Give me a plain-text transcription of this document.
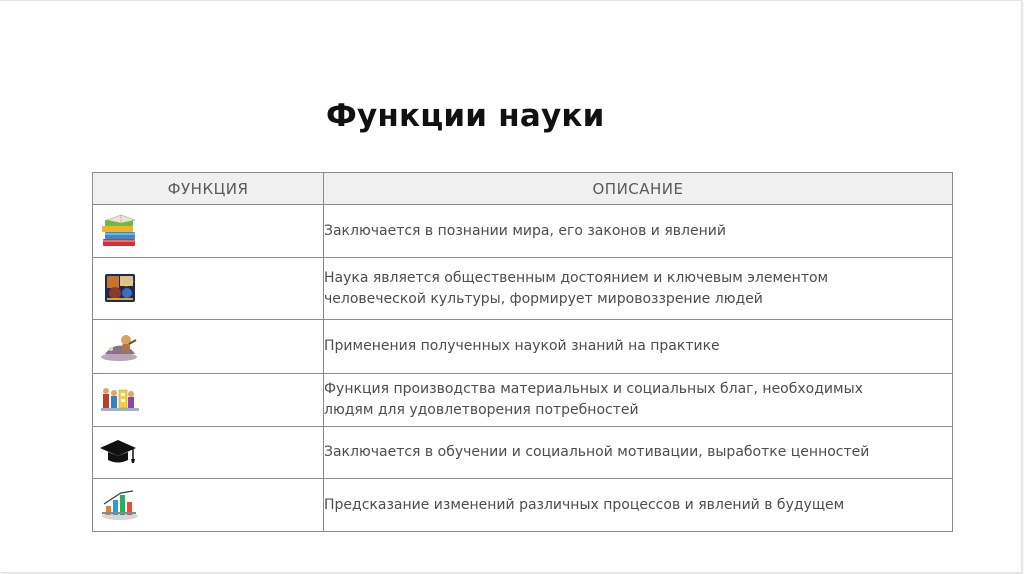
Функции науки
ФУНКЦИЯ	ОПИСАНИЕ

Заключается в познании мира, его законов и явлений

Наука является общественным достоянием и ключевым элементом
человеческой культуры, формирует мировоззрение людей

Применения полученных наукой знаний на практике

Функция производства материальных и социальных благ, необходимых
людям для удовлетворения потребностей

Заключается в обучении и социальной мотивации, выработке ценностей

Предсказание изменений различных процессов и явлений в будущем
